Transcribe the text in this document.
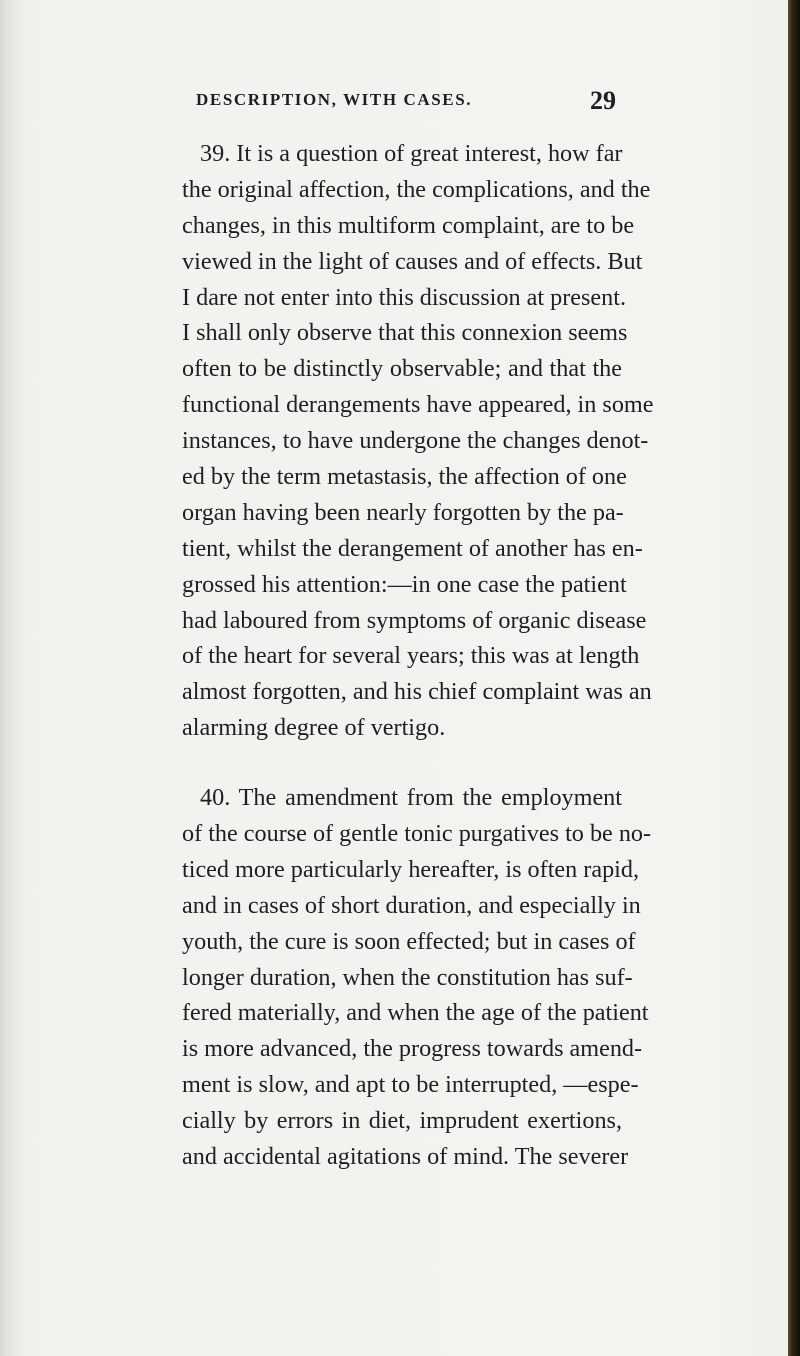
DESCRIPTION, WITH CASES.	29
39. It is a question of great interest, how far
the original affection, the complications, and the
changes, in this multiform complaint, are to be
viewed in the light of causes and of effects. But
I dare not enter into this discussion at present.
I shall only observe that this connexion seems
often to be distinctly observable; and that the
functional derangements have appeared, in some
instances, to have undergone the changes denot-
ed by the term metastasis, the affection of one
organ having been nearly forgotten by the pa-
tient, whilst the derangement of another has en-
grossed his attention:—in one case the patient
had laboured from symptoms of organic disease
of the heart for several years; this was at length
almost forgotten, and his chief complaint was an
alarming degree of vertigo.
40. The amendment from the employment
of the course of gentle tonic purgatives to be no-
ticed more particularly hereafter, is often rapid,
and in cases of short duration, and especially in
youth, the cure is soon effected; but in cases of
longer duration, when the constitution has suf-
fered materially, and when the age of the patient
is more advanced, the progress towards amend-
ment is slow, and apt to be interrupted, —espe-
cially by errors in diet, imprudent exertions,
and accidental agitations of mind. The severer
